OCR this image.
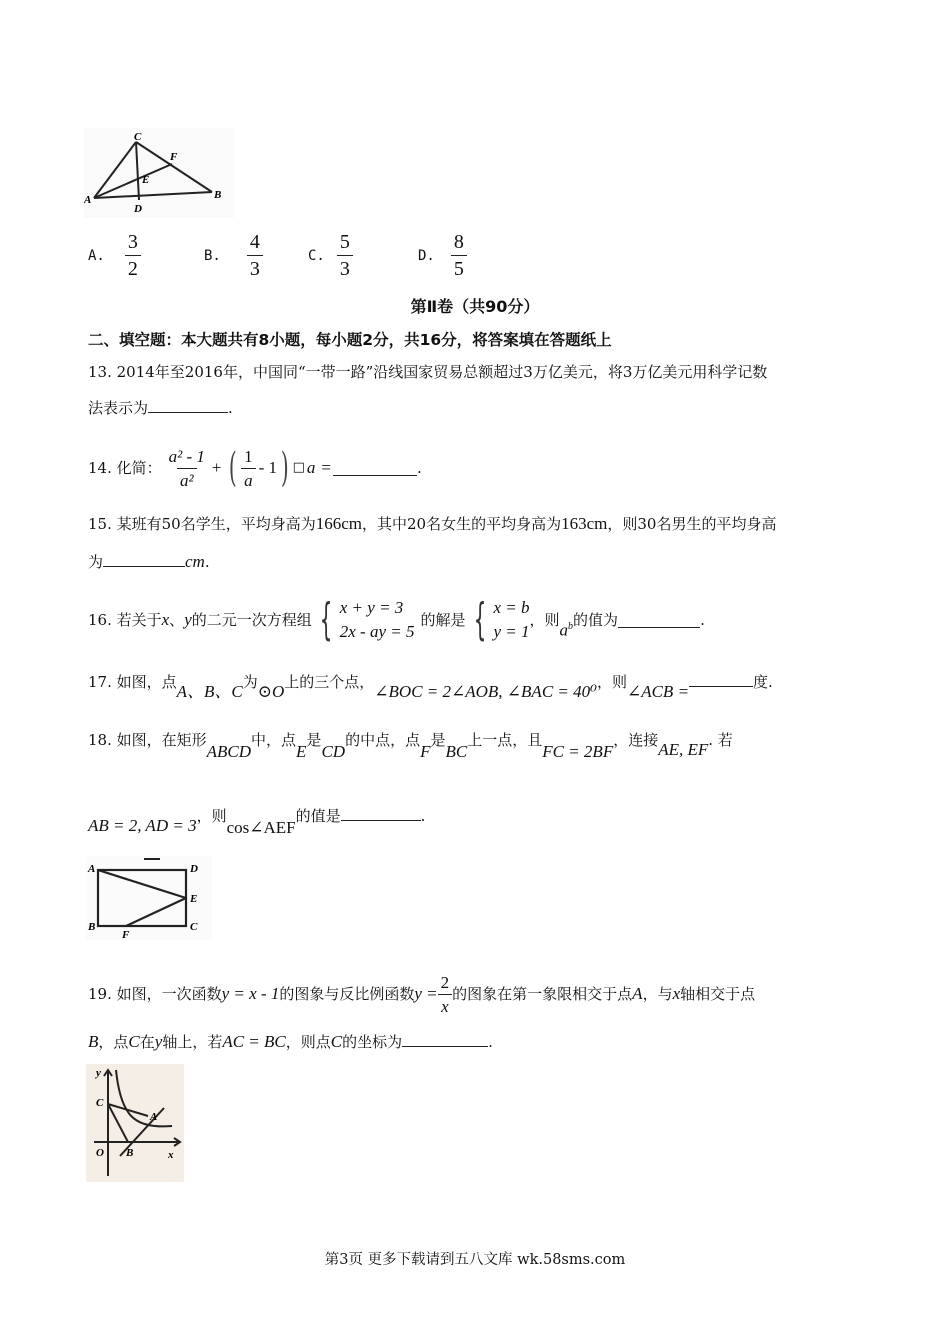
C
F
E
A
D
B
A. $\frac{3}{2}$	B. $\frac{4}{3}$	C. $\frac{5}{3}$	D. $\frac{8}{5}$
第Ⅱ卷（共90分）
二、填空题：本大题共有8小题，每小题2分，共16分，将答案填在答题纸上
13. 2014年至2016年，中国同“一带一路”沿线国家贸易总额超过3万亿美元，将3万亿美元用科学记数
法表示为	.
14. 化简： $\frac{\text{a² - 1}}{\text{a²}}$ + ( $\frac{1}{a} - 1$ ) □ a =	.
15. 某班有50名学生，平均身高为166cm，其中20名女生的平均身高为163cm，则30名男生的平均身高
为	cm.
16. 若关于 x 、 y 的二元一次方程组 { x + y = 3
2x - ay = 5
的解是 { x = b
y = 1
，则
$a^b$ 的值为	.
17. 如图，点A、B、C为⊙O上的三个点，∠BOC = 2∠AOB, ∠BAC = 40⁰，则∠ACB =	度.
18. 如图，在矩形ABCD中，点E是CD的中点，点F是BC上一点，且FC = 2BF，连接AE, EF. 若
AB = 2, AD = 3，则cos∠AEF的值是	.
A	D
E
B
F
C
19. 如图，一次函数 y = x - 1 的图象与反比例函数 $y = \frac{2}{x}$ 的图象在第一象限相交于点 A ，与 x 轴相交于点
B，点C在y轴上，若AC = BC，则点C的坐标为	.
y
C
A
O B	x
第3页 更多下载请到五八文库 wk.58sms.com
